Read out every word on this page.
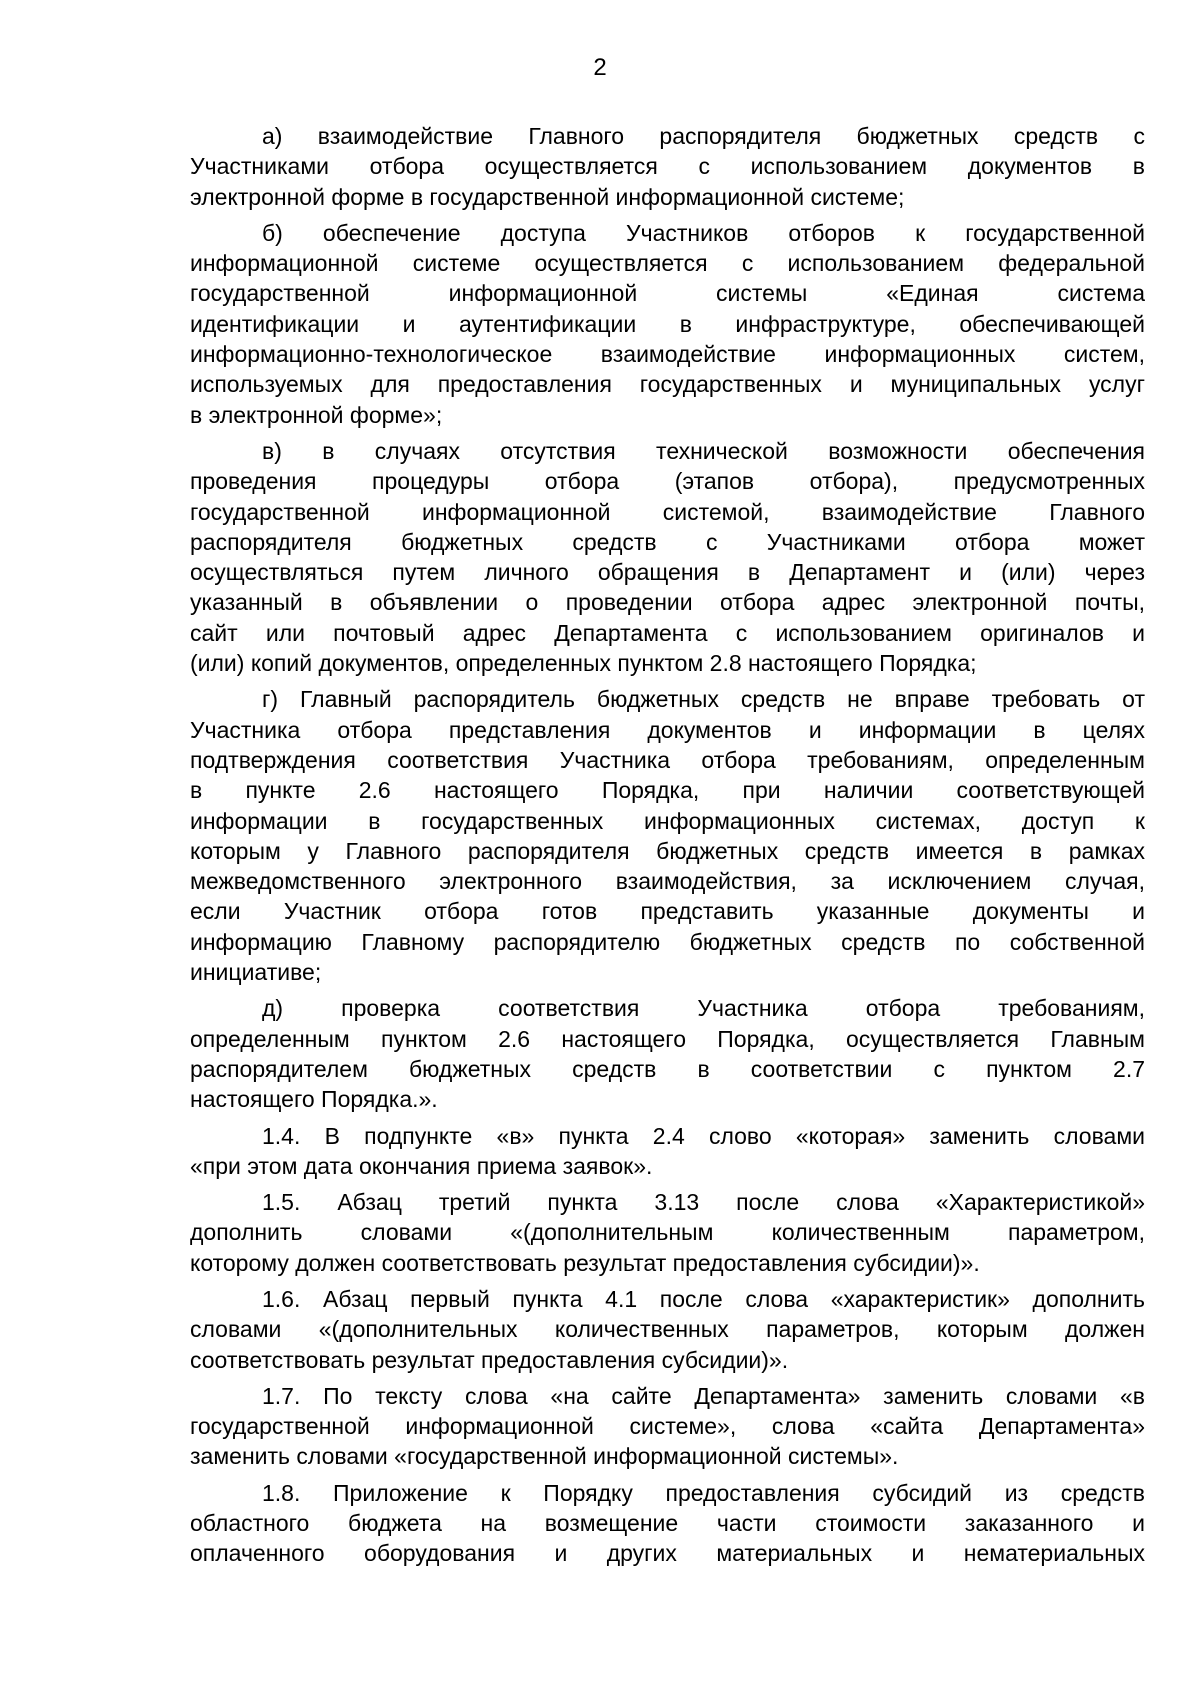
2
а) взаимодействие Главного распорядителя бюджетных средств с
Участниками отбора осуществляется с использованием документов в
электронной форме в государственной информационной системе;
б) обеспечение доступа Участников отборов к государственной
информационной системе осуществляется с использованием федеральной
государственной информационной системы «Единая система
идентификации и аутентификации в инфраструктуре, обеспечивающей
информационно-технологическое взаимодействие информационных систем,
используемых для предоставления государственных и муниципальных услуг
в электронной форме»;
в) в случаях отсутствия технической возможности обеспечения
проведения процедуры отбора (этапов отбора), предусмотренных
государственной информационной системой, взаимодействие Главного
распорядителя бюджетных средств с Участниками отбора может
осуществляться путем личного обращения в Департамент и (или) через
указанный в объявлении о проведении отбора адрес электронной почты,
сайт или почтовый адрес Департамента с использованием оригиналов и
(или) копий документов, определенных пунктом 2.8 настоящего Порядка;
г) Главный распорядитель бюджетных средств не вправе требовать от
Участника отбора представления документов и информации в целях
подтверждения соответствия Участника отбора требованиям, определенным
в пункте 2.6 настоящего Порядка, при наличии соответствующей
информации в государственных информационных системах, доступ к
которым у Главного распорядителя бюджетных средств имеется в рамках
межведомственного электронного взаимодействия, за исключением случая,
если Участник отбора готов представить указанные документы и
информацию Главному распорядителю бюджетных средств по собственной
инициативе;
д) проверка соответствия Участника отбора требованиям,
определенным пунктом 2.6 настоящего Порядка, осуществляется Главным
распорядителем бюджетных средств в соответствии с пунктом 2.7
настоящего Порядка.».
1.4. В подпункте «в» пункта 2.4 слово «которая» заменить словами
«при этом дата окончания приема заявок».
1.5. Абзац третий пункта 3.13 после слова «Характеристикой»
дополнить словами «(дополнительным количественным параметром,
которому должен соответствовать результат предоставления субсидии)».
1.6. Абзац первый пункта 4.1 после слова «характеристик» дополнить
словами «(дополнительных количественных параметров, которым должен
соответствовать результат предоставления субсидии)».
1.7. По тексту слова «на сайте Департамента» заменить словами «в
государственной информационной системе», слова «сайта Департамента»
заменить словами «государственной информационной системы».
1.8. Приложение к Порядку предоставления субсидий из средств
областного бюджета на возмещение части стоимости заказанного и
оплаченного оборудования и других материальных и нематериальных
